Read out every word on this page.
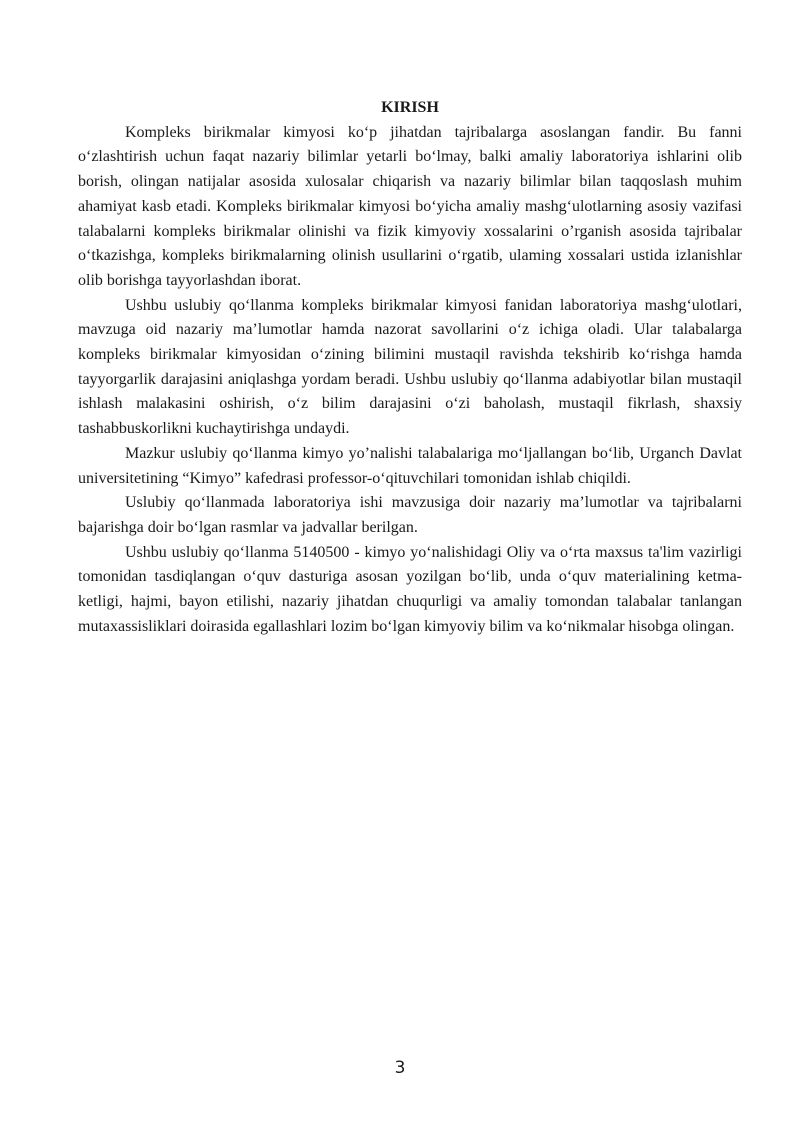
KIRISH

Kompleks birikmalar kimyosi ko‘p jihatdan tajribalarga asoslangan fandir. Bu fanni o‘zlashtirish uchun faqat nazariy bilimlar yetarli bo‘lmay, balki amaliy laboratoriya ishlarini olib borish, olingan natijalar asosida xulosalar chiqarish va nazariy bilimlar bilan taqqoslash muhim ahamiyat kasb etadi. Kompleks birikmalar kimyosi bo‘yicha amaliy mashg‘ulotlarning asosiy vazifasi talabalarni kompleks birikmalar olinishi va fizik kimyoviy xossalarini o’rganish asosida tajribalar o‘tkazishga, kompleks birikmalarning olinish usullarini o‘rgatib, ulaming xossalari ustida izlanishlar olib borishga tayyorlashdan iborat.

Ushbu uslubiy qo‘llanma kompleks birikmalar kimyosi fanidan laboratoriya mashg‘ulotlari, mavzuga oid nazariy ma’lumotlar hamda nazorat savollarini o‘z ichiga oladi. Ular talabalarga kompleks birikmalar kimyosidan o‘zining bilimini mustaqil ravishda tekshirib ko‘rishga hamda tayyorgarlik darajasini aniqlashga yordam beradi. Ushbu uslubiy qo‘llanma adabiyotlar bilan mustaqil ishlash malakasini oshirish, o‘z bilim darajasini o‘zi baholash, mustaqil fikrlash, shaxsiy tashabbuskorlikni kuchaytirishga undaydi.

Mazkur uslubiy qo‘llanma kimyo yo’nalishi talabalariga mo‘ljallangan bo‘lib, Urganch Davlat universitetining “Kimyo” kafedrasi professor-o‘qituvchilari tomonidan ishlab chiqildi.

Uslubiy qo‘llanmada laboratoriya ishi mavzusiga doir nazariy ma’lumotlar va tajribalarni bajarishga doir bo‘lgan rasmlar va jadvallar berilgan.

Ushbu uslubiy qo‘llanma 5140500 - kimyo yo‘nalishidagi Oliy va o‘rta maxsus ta'lim vazirligi tomonidan tasdiqlangan o‘quv dasturiga asosan yozilgan bo‘lib, unda o‘quv materialining ketma-ketligi, hajmi, bayon etilishi, nazariy jihatdan chuqurligi va amaliy tomondan talabalar tanlangan mutaxassisliklari doirasida egallashlari lozim bo‘lgan kimyoviy bilim va ko‘nikmalar hisobga olingan.

3
